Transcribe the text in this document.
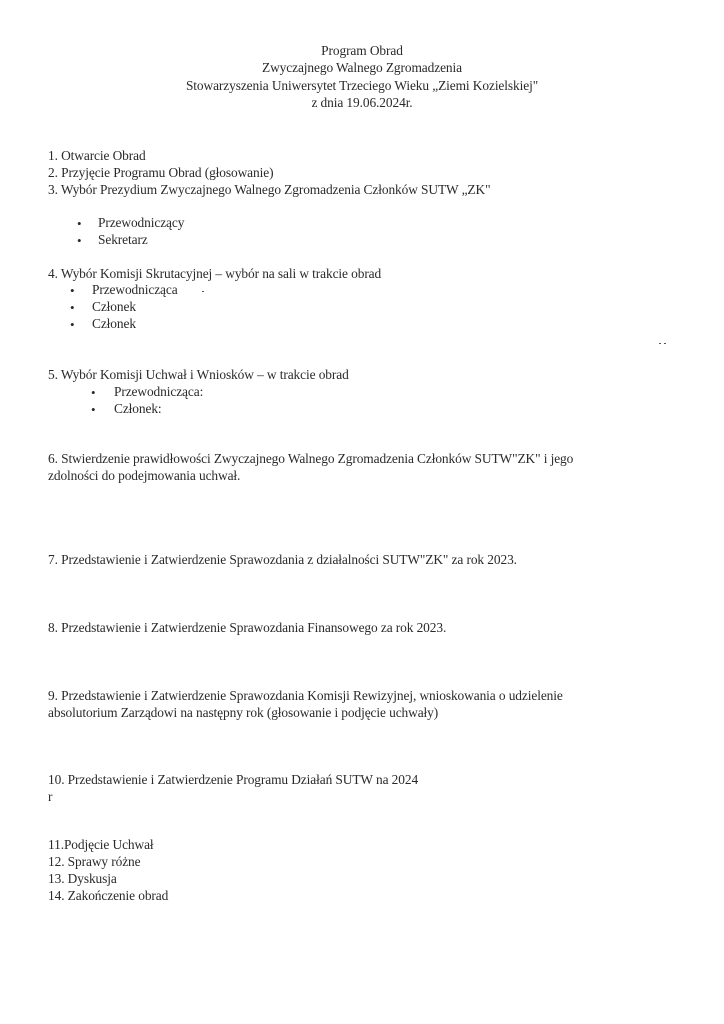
Program Obrad
Zwyczajnego Walnego Zgromadzenia
Stowarzyszenia Uniwersytet Trzeciego Wieku „Ziemi Kozielskiej"
z dnia 19.06.2024r.
1. Otwarcie Obrad
2. Przyjęcie Programu Obrad (głosowanie)
3. Wybór Prezydium Zwyczajnego Walnego Zgromadzenia Członków SUTW „ZK"
• Przewodniczący
• Sekretarz
4. Wybór Komisji Skrutacyjnej – wybór na sali w trakcie obrad
• Przewodnicząca
• Członek
• Członek
5. Wybór Komisji Uchwał i Wniosków – w trakcie obrad
• Przewodnicząca:
• Członek:
6. Stwierdzenie prawidłowości Zwyczajnego Walnego Zgromadzenia Członków SUTW"ZK" i jego
zdolności do podejmowania uchwał.
7. Przedstawienie i Zatwierdzenie Sprawozdania z działalności SUTW"ZK" za rok 2023.
8. Przedstawienie i Zatwierdzenie Sprawozdania Finansowego za rok 2023.
9. Przedstawienie i Zatwierdzenie Sprawozdania Komisji Rewizyjnej, wnioskowania o udzielenie
absolutorium Zarządowi na następny rok (głosowanie i podjęcie uchwały)
10. Przedstawienie i Zatwierdzenie Programu Działań SUTW na 2024
r
11.Podjęcie Uchwał
12. Sprawy różne
13. Dyskusja
14. Zakończenie obrad
